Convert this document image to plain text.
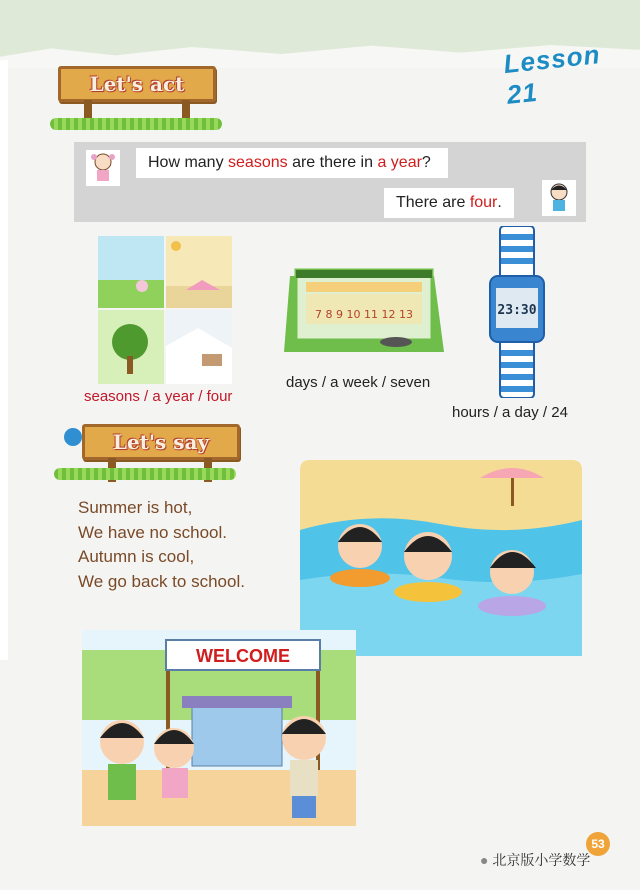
Lesson 21
Let's act
How many seasons are there in a year ?
There are four .
seasons / a year / four
7 8 9 10 11 12 13
days / a week / seven
23:30
hours / a day / 24
Let's say
Summer is hot,
We have no school.
Autumn is cool,
We go back to school.
WELCOME
53
● 北京版小学数学
